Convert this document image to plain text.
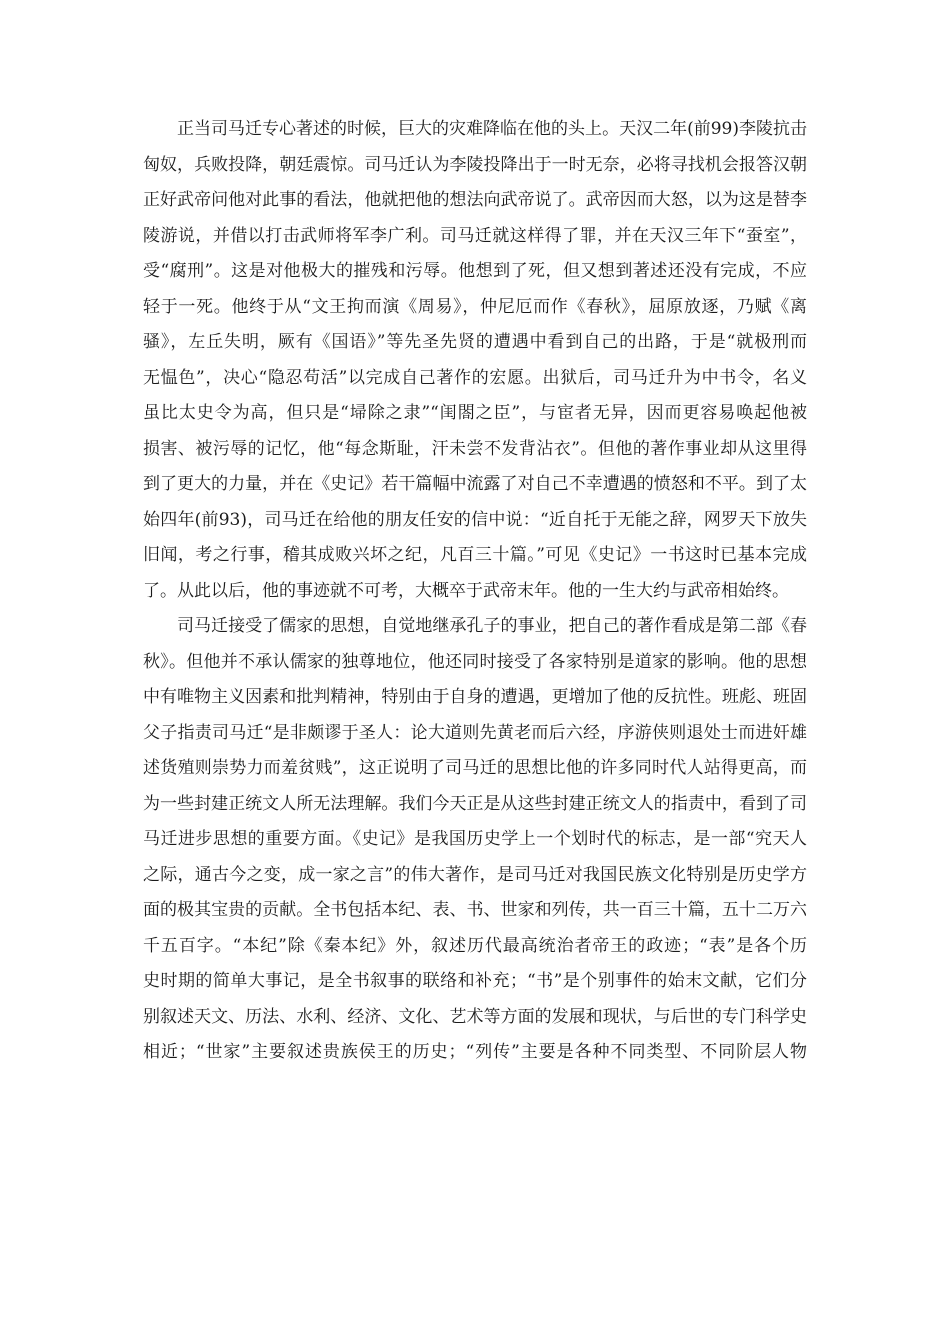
正当司马迁专心著述的时候，巨大的灾难降临在他的头上。天汉二年(前99)李陵抗击
匈奴，兵败投降，朝廷震惊。司马迁认为李陵投降出于一时无奈，必将寻找机会报答汉朝
正好武帝问他对此事的看法，他就把他的想法向武帝说了。武帝因而大怒，以为这是替李
陵游说，并借以打击武师将军李广利。司马迁就这样得了罪，并在天汉三年下“蚕室”，
受“腐刑”。这是对他极大的摧残和污辱。他想到了死，但又想到著述还没有完成，不应
轻于一死。他终于从“文王拘而演《周易》，仲尼厄而作《春秋》，屈原放逐，乃赋《离
骚》，左丘失明，厥有《国语》”等先圣先贤的遭遇中看到自己的出路，于是“就极刑而
无愠色”，决心“隐忍苟活”以完成自己著作的宏愿。出狱后，司马迁升为中书令，名义
虽比太史令为高，但只是“埽除之隶”“闺閤之臣”，与宦者无异，因而更容易唤起他被
损害、被污辱的记忆，他“每念斯耻，汗未尝不发背沾衣”。但他的著作事业却从这里得
到了更大的力量，并在《史记》若干篇幅中流露了对自己不幸遭遇的愤怒和不平。到了太
始四年(前93)，司马迁在给他的朋友任安的信中说：“近自托于无能之辞，网罗天下放失
旧闻，考之行事，稽其成败兴坏之纪，凡百三十篇。”可见《史记》一书这时已基本完成
了。从此以后，他的事迹就不可考，大概卒于武帝末年。他的一生大约与武帝相始终。
司马迁接受了儒家的思想，自觉地继承孔子的事业，把自己的著作看成是第二部《春
秋》。但他并不承认儒家的独尊地位，他还同时接受了各家特别是道家的影响。他的思想
中有唯物主义因素和批判精神，特别由于自身的遭遇，更增加了他的反抗性。班彪、班固
父子指责司马迁“是非颇谬于圣人：论大道则先黄老而后六经，序游侠则退处士而进奸雄
述货殖则崇势力而羞贫贱”，这正说明了司马迁的思想比他的许多同时代人站得更高，而
为一些封建正统文人所无法理解。我们今天正是从这些封建正统文人的指责中，看到了司
马迁进步思想的重要方面。《史记》是我国历史学上一个划时代的标志，是一部“究天人
之际，通古今之变，成一家之言”的伟大著作，是司马迁对我国民族文化特别是历史学方
面的极其宝贵的贡献。全书包括本纪、表、书、世家和列传，共一百三十篇，五十二万六
千五百字。“本纪”除《秦本纪》外，叙述历代最高统治者帝王的政迹；“表”是各个历
史时期的简单大事记，是全书叙事的联络和补充；“书”是个别事件的始末文献，它们分
别叙述天文、历法、水利、经济、文化、艺术等方面的发展和现状，与后世的专门科学史
相近；“世家”主要叙述贵族侯王的历史；“列传”主要是各种不同类型、不同阶层人物
